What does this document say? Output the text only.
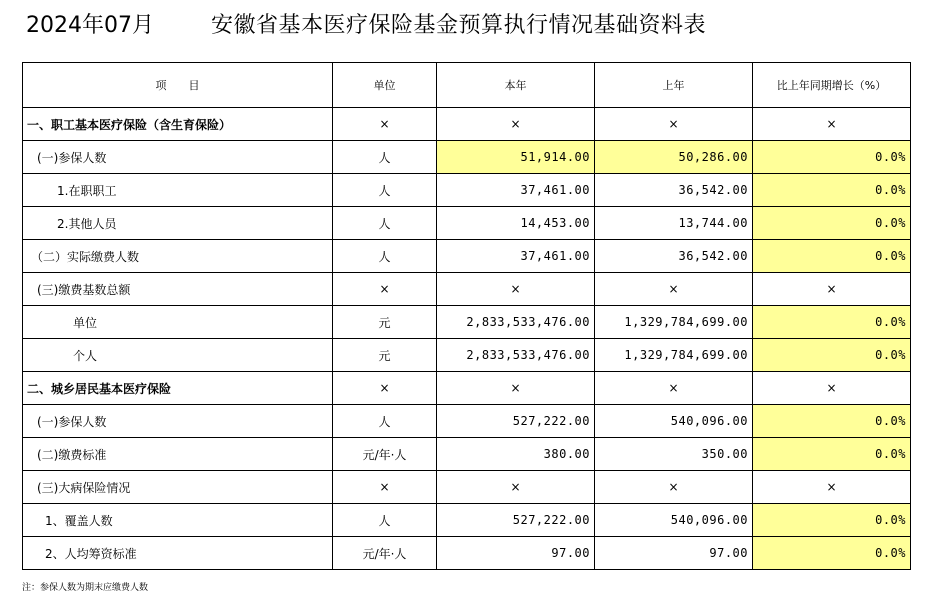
2024年07月	安徽省基本医疗保险基金预算执行情况基础资料表
项　　目	单位	本年	上年	比上年同期增长（%）
一、职工基本医疗保险（含生育保险）	×	×	×	×
(一)参保人数	人	51,914.00	50,286.00	0.0%
1.在职职工	人	37,461.00	36,542.00	0.0%
2.其他人员	人	14,453.00	13,744.00	0.0%
（二）实际缴费人数	人	37,461.00	36,542.00	0.0%
(三)缴费基数总额	×	×	×	×
单位	元	2,833,533,476.00	1,329,784,699.00	0.0%
个人	元	2,833,533,476.00	1,329,784,699.00	0.0%
二、城乡居民基本医疗保险	×	×	×	×
(一)参保人数	人	527,222.00	540,096.00	0.0%
(二)缴费标准	元/年·人	380.00	350.00	0.0%
(三)大病保险情况	×	×	×	×
1、覆盖人数	人	527,222.00	540,096.00	0.0%
2、人均筹资标准	元/年·人	97.00	97.00	0.0%
注：参保人数为期末应缴费人数
